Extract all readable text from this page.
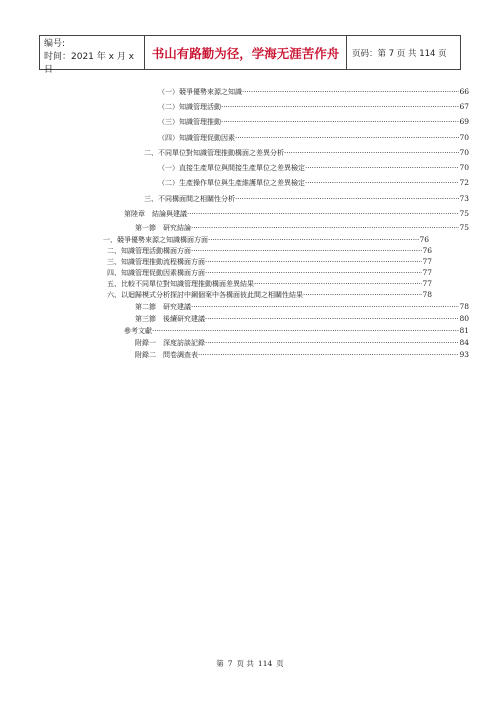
编号:
时间：2021 年 x 月 x 日
书山有路勤为径，学海无涯苦作舟 页码：第 7 页 共 114 页
（一）競爭優勢來源之知識 ·····	66
（二）知識管理活動 ·····	67
（三）知識管理推動 ·····	69
（四）知識管理促動因素 ·····	70
二、不同單位對知識管理推動構面之差異分析 ·····	70
（一）直接生產單位與間接生產單位之差異檢定 ·····	70
（二）生產操作單位與生產維護單位之差異檢定 ·····	72
三、不同構面間之相關性分析 ·····	73
第陸章　結論與建議 ·····	75
第一節　研究結論 ·····	75
一、競爭優勢來源之知識構面方面 ·····	76
二、知識管理活動構面方面 ·····	76
三、知識管理推動流程構面方面 ·····	77
四、知識管理促動因素構面方面 ·····	77
五、比較不同單位對知識管理推動構面差異結果 ·····	77
六、以迴歸模式分析探討中鋼個案中各構面彼此間之相關性結果 ·····	78
第二節　研究建議 ·····	78
第三節　後續研究建議 ·····	80
參考文獻 ·····	81
附錄一　深度訪談記錄 ·····	84
附錄二　問卷調查表 ·····	93
第 7 页 共 114 页
